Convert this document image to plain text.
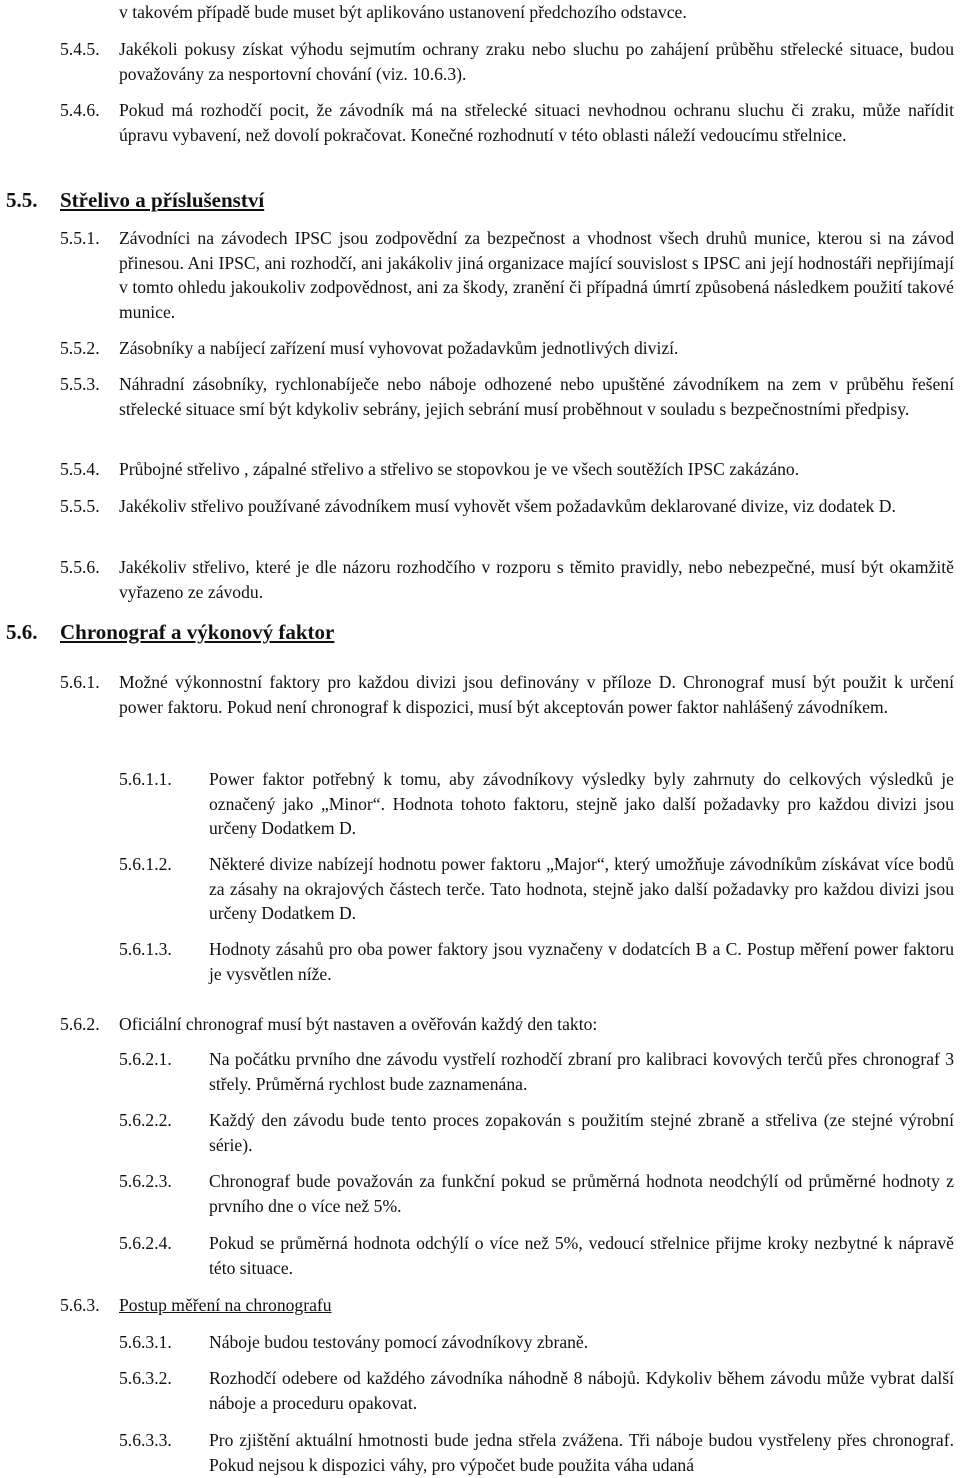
v takovém případě bude muset být aplikováno ustanovení předchozího odstavce.
5.4.5. Jakékoli pokusy získat výhodu sejmutím ochrany zraku nebo sluchu po zahájení průběhu střelecké situace, budou považovány za nesportovní chování (viz. 10.6.3).
5.4.6. Pokud má rozhodčí pocit, že závodník má na střelecké situaci nevhodnou ochranu sluchu či zraku, může nařídit úpravu vybavení, než dovolí pokračovat. Konečné rozhodnutí v této oblasti náleží vedoucímu střelnice.
5.5. Střelivo a příslušenství
5.5.1. Závodníci na závodech IPSC jsou zodpovědní za bezpečnost a vhodnost všech druhů munice, kterou si na závod přinesou. Ani IPSC, ani rozhodčí, ani jakákoliv jiná organizace mající souvislost s IPSC ani její hodnostáři nepřijímají v tomto ohledu jakoukoliv zodpovědnost, ani za škody, zranění či případná úmrtí způsobená následkem použití takové munice.
5.5.2. Zásobníky a nabíjecí zařízení musí vyhovovat požadavkům jednotlivých divizí.
5.5.3. Náhradní zásobníky, rychlonabíječe nebo náboje odhozené nebo upuštěné závodníkem na zem v průběhu řešení střelecké situace smí být kdykoliv sebrány, jejich sebrání musí proběhnout v souladu s bezpečnostními předpisy.
5.5.4. Průbojné střelivo , zápalné střelivo a střelivo se stopovkou je ve všech soutěžích IPSC zakázáno.
5.5.5. Jakékoliv střelivo používané závodníkem musí vyhovět všem požadavkům deklarované divize, viz dodatek D.
5.5.6. Jakékoliv střelivo, které je dle názoru rozhodčího v rozporu s těmito pravidly, nebo nebezpečné, musí být okamžitě vyřazeno ze závodu.
5.6. Chronograf a výkonový faktor
5.6.1. Možné výkonnostní faktory pro každou divizi jsou definovány v příloze D. Chronograf musí být použit k určení power faktoru. Pokud není chronograf k dispozici, musí být akceptován power faktor nahlášený závodníkem.
5.6.1.1. Power faktor potřebný k tomu, aby závodníkovy výsledky byly zahrnuty do celkových výsledků je označený jako „Minor“. Hodnota tohoto faktoru, stejně jako další požadavky pro každou divizi jsou určeny Dodatkem D.
5.6.1.2. Některé divize nabízejí hodnotu power faktoru „Major“, který umožňuje závodníkům získávat více bodů za zásahy na okrajových částech terče. Tato hodnota, stejně jako další požadavky pro každou divizi jsou určeny Dodatkem D.
5.6.1.3. Hodnoty zásahů pro oba power faktory jsou vyznačeny v dodatcích B a C. Postup měření power faktoru je vysvětlen níže.
5.6.2. Oficiální chronograf musí být nastaven a ověřován každý den takto:
5.6.2.1. Na počátku prvního dne závodu vystřelí rozhodčí zbraní pro kalibraci kovových terčů přes chronograf 3 střely. Průměrná rychlost bude zaznamenána.
5.6.2.2. Každý den závodu bude tento proces zopakován s použitím stejné zbraně a střeliva (ze stejné výrobní série).
5.6.2.3. Chronograf bude považován za funkční pokud se průměrná hodnota neodchýlí od průměrné hodnoty z prvního dne o více než 5%.
5.6.2.4. Pokud se průměrná hodnota odchýlí o více než 5%, vedoucí střelnice přijme kroky nezbytné k nápravě této situace.
5.6.3. Postup měření na chronografu
5.6.3.1. Náboje budou testovány pomocí závodníkovy zbraně.
5.6.3.2. Rozhodčí odebere od každého závodníka náhodně 8 nábojů. Kdykoliv během závodu může vybrat další náboje a proceduru opakovat.
5.6.3.3. Pro zjištění aktuální hmotnosti bude jedna střela zvážena. Tři náboje budou vystřeleny přes chronograf. Pokud nejsou k dispozici váhy, pro výpočet bude použita váha udaná
